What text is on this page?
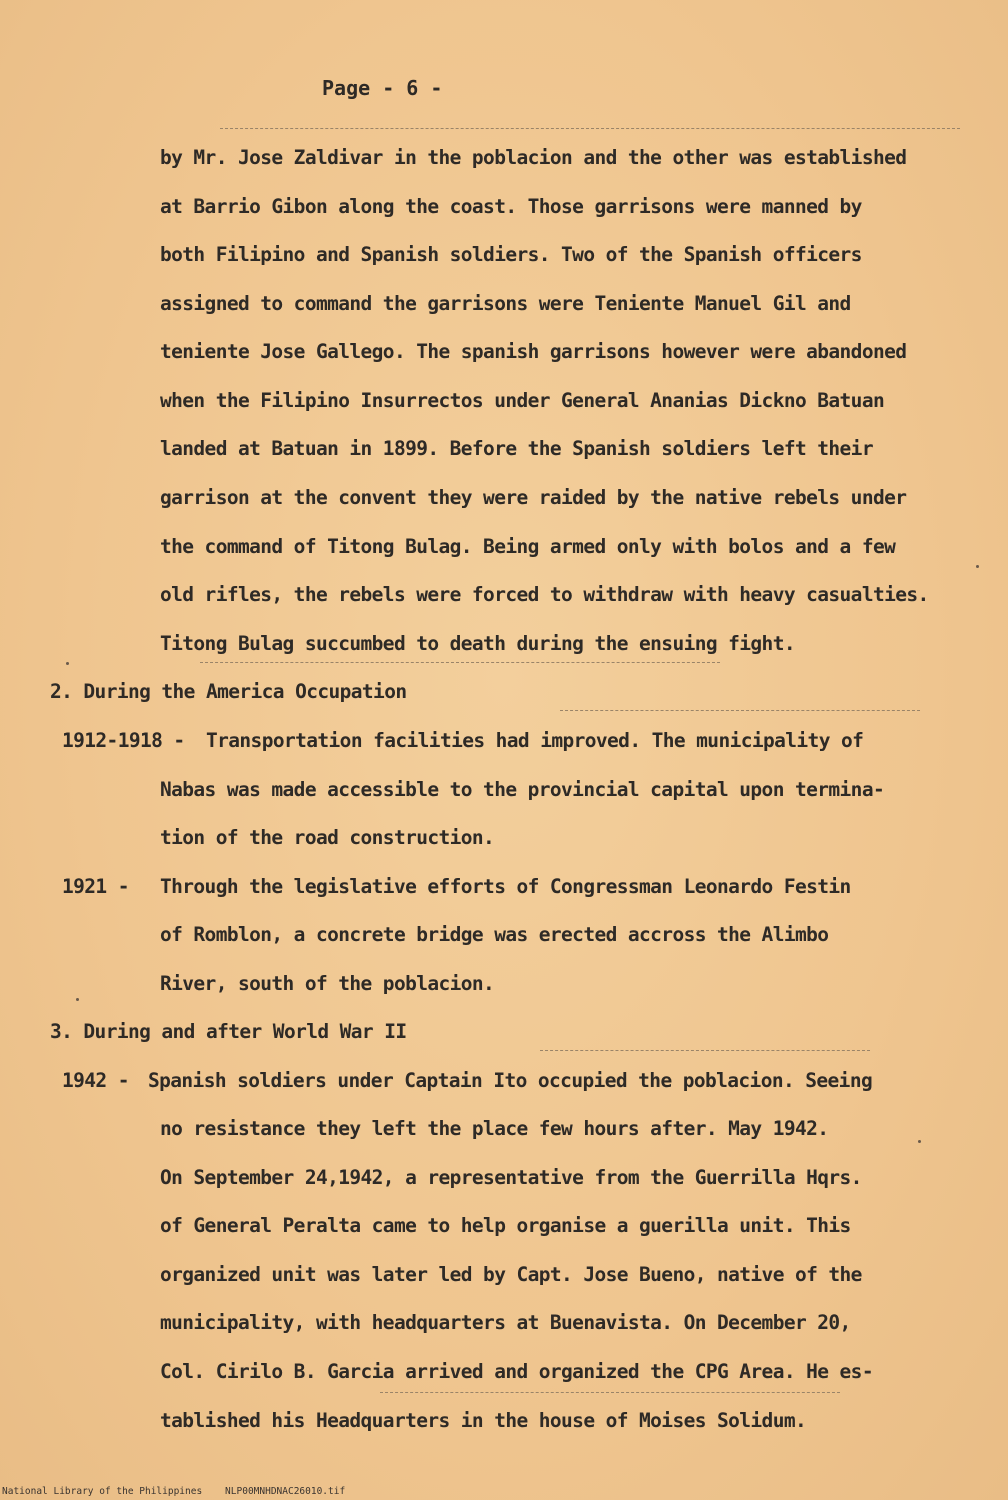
Page - 6 -
by Mr. Jose Zaldivar in the poblacion and the other was established
at Barrio Gibon along the coast. Those garrisons were manned by
both Filipino and Spanish soldiers. Two of the Spanish officers
assigned to command the garrisons were Teniente Manuel Gil and
teniente Jose Gallego. The spanish garrisons however were abandoned
when the Filipino Insurrectos under General Ananias Dickno Batuan
landed at Batuan in 1899. Before the Spanish soldiers left their
garrison at the convent they were raided by the native rebels under
the command of Titong Bulag. Being armed only with bolos and a few
old rifles, the rebels were forced to withdraw with heavy casualties.
Titong Bulag succumbed to death during the ensuing fight.
2. During the America Occupation
1912-1918 - Transportation facilities had improved. The municipality of
Nabas was made accessible to the provincial capital upon termina-
tion of the road construction.
1921 - Through the legislative efforts of Congressman Leonardo Festin
of Romblon, a concrete bridge was erected accross the Alimbo
River, south of the poblacion.
3. During and after World War II
1942 - Spanish soldiers under Captain Ito occupied the poblacion. Seeing
no resistance they left the place few hours after. May 1942.
On September 24,1942, a representative from the Guerrilla Hqrs.
of General Peralta came to help organise a guerilla unit. This
organized unit was later led by Capt. Jose Bueno, native of the
municipality, with headquarters at Buenavista. On December 20,
Col. Cirilo B. Garcia arrived and organized the CPG Area. He es-
tablished his Headquarters in the house of Moises Solidum.
National Library of the Philippines    NLP00MNHDNAC26010.tif
